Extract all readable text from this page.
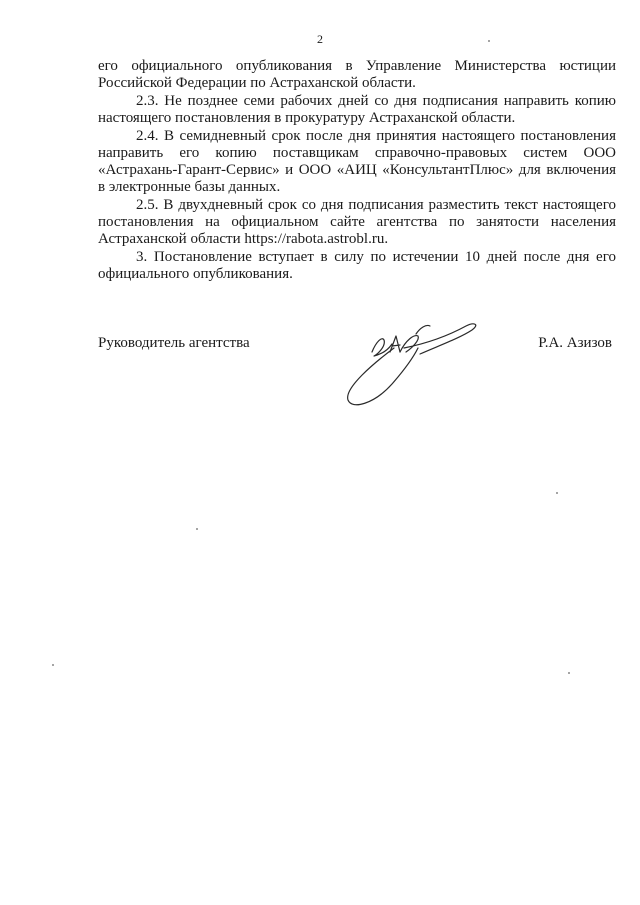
2

его официального опубликования в Управление Министерства юстиции Российской Федерации по Астраханской области.

2.3. Не позднее семи рабочих дней со дня подписания направить копию настоящего постановления в прокуратуру Астраханской области.

2.4. В семидневный срок после дня принятия настоящего постановления направить его копию поставщикам справочно-правовых систем ООО «Астрахань-Гарант-Сервис» и ООО «АИЦ «КонсультантПлюс» для включения в электронные базы данных.

2.5. В двухдневный срок со дня подписания разместить текст настоящего постановления на официальном сайте агентства по занятости населения Астраханской области https://rabota.astrobl.ru.

3. Постановление вступает в силу по истечении 10 дней после дня его официального опубликования.

Руководитель агентства	Р.А. Азизов
